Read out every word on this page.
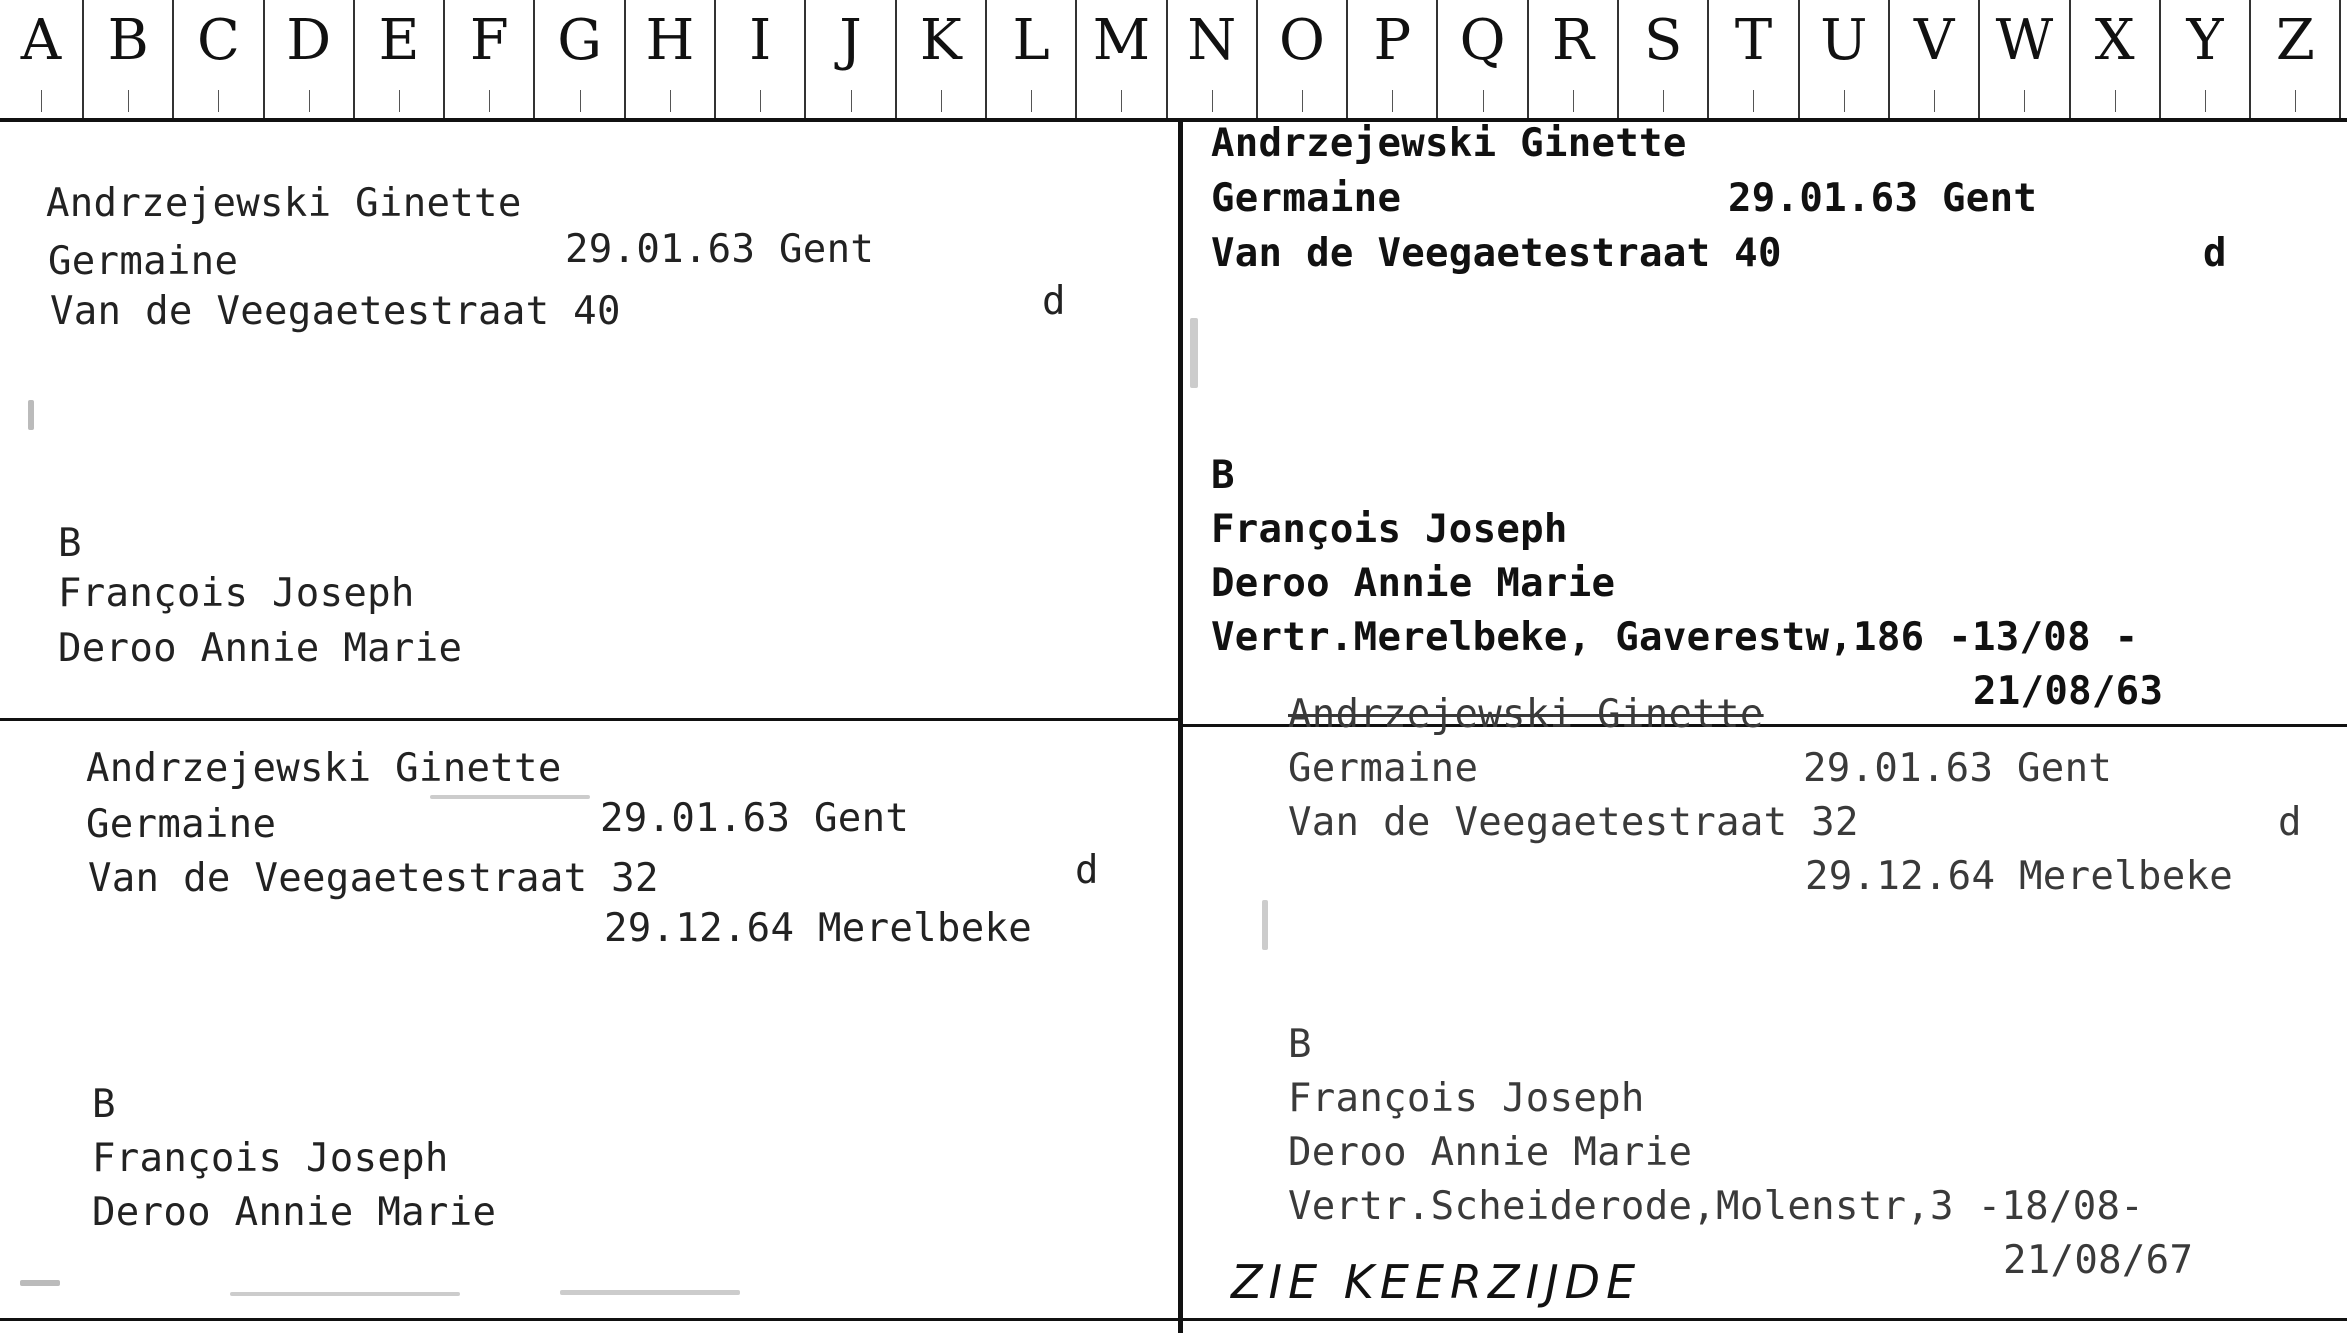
A B C D E F G H I	J	K L M N O P Q R S T U V W X Y Z
Andrzejewski Ginette
Germaine	29.01.63 Gent
Van de Veegaetestraat 40	d
B
François Joseph
Deroo Annie Marie
Andrzejewski Ginette
Germaine	29.01.63 Gent
Van de Veegaetestraat 40	d
B
François Joseph
Deroo Annie Marie
Vertr.Merelbeke, Gaverestw,186 -13/08 -
21/08/63
Andrzejewski Ginette
Germaine	29.01.63 Gent
Van de Veegaetestraat 32	d
29.12.64 Merelbeke
B
François Joseph
Deroo Annie Marie
Andrzejewski Ginette
Germaine	29.01.63 Gent
Van de Veegaetestraat 32	d
29.12.64 Merelbeke
B
François Joseph
Deroo Annie Marie
Vertr.Scheiderode,Molenstr,3 -18/08-
21/08/67
ZIE KEERZIJDE
